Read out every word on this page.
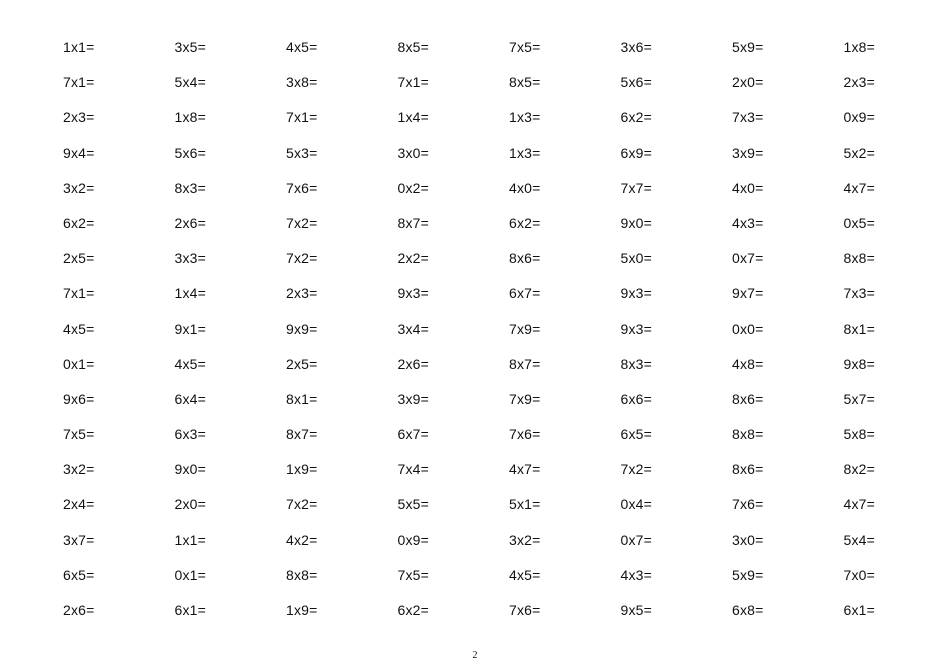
1x1=	3x5=	4x5=	8x5=	7x5=	3x6=	5x9=	1x8=
7x1=	5x4=	3x8=	7x1=	8x5=	5x6=	2x0=	2x3=
2x3=	1x8=	7x1=	1x4=	1x3=	6x2=	7x3=	0x9=
9x4=	5x6=	5x3=	3x0=	1x3=	6x9=	3x9=	5x2=
3x2=	8x3=	7x6=	0x2=	4x0=	7x7=	4x0=	4x7=
6x2=	2x6=	7x2=	8x7=	6x2=	9x0=	4x3=	0x5=
2x5=	3x3=	7x2=	2x2=	8x6=	5x0=	0x7=	8x8=
7x1=	1x4=	2x3=	9x3=	6x7=	9x3=	9x7=	7x3=
4x5=	9x1=	9x9=	3x4=	7x9=	9x3=	0x0=	8x1=
0x1=	4x5=	2x5=	2x6=	8x7=	8x3=	4x8=	9x8=
9x6=	6x4=	8x1=	3x9=	7x9=	6x6=	8x6=	5x7=
7x5=	6x3=	8x7=	6x7=	7x6=	6x5=	8x8=	5x8=
3x2=	9x0=	1x9=	7x4=	4x7=	7x2=	8x6=	8x2=
2x4=	2x0=	7x2=	5x5=	5x1=	0x4=	7x6=	4x7=
3x7=	1x1=	4x2=	0x9=	3x2=	0x7=	3x0=	5x4=
6x5=	0x1=	8x8=	7x5=	4x5=	4x3=	5x9=	7x0=
2x6=	6x1=	1x9=	6x2=	7x6=	9x5=	6x8=	6x1=
2
